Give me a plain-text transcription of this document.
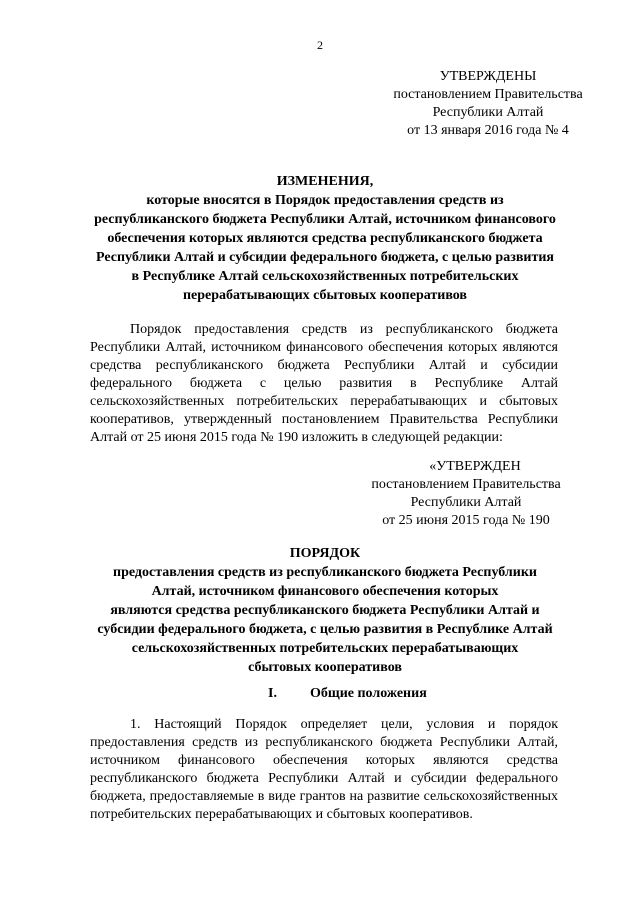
2
УТВЕРЖДЕНЫ
постановлением Правительства
Республики Алтай
от 13 января 2016 года № 4
ИЗМЕНЕНИЯ,
которые вносятся в Порядок предоставления средств из
республиканского бюджета Республики Алтай, источником финансового
обеспечения которых являются средства республиканского бюджета
Республики Алтай и субсидии федерального бюджета, с целью развития
в Республике Алтай сельскохозяйственных потребительских
перерабатывающих сбытовых кооперативов
Порядок предоставления средств из республиканского бюджета
Республики Алтай, источником финансового обеспечения которых являются
средства республиканского бюджета Республики Алтай и субсидии
федерального бюджета с целью развития в Республике Алтай
сельскохозяйственных потребительских перерабатывающих и сбытовых
кооперативов, утвержденный постановлением Правительства Республики
Алтай от 25 июня 2015 года № 190 изложить в следующей редакции:
«УТВЕРЖДЕН
постановлением Правительства
Республики Алтай
от 25 июня 2015 года № 190
ПОРЯДОК
предоставления средств из республиканского бюджета Республики
Алтай, источником финансового обеспечения которых
являются средства республиканского бюджета Республики Алтай и
субсидии федерального бюджета, с целью развития в Республике Алтай
сельскохозяйственных потребительских перерабатывающих
сбытовых кооперативов
I. Общие положения
1. Настоящий Порядок определяет цели, условия и порядок
предоставления средств из республиканского бюджета Республики Алтай,
источником финансового обеспечения которых являются средства
республиканского бюджета Республики Алтай и субсидии федерального
бюджета, предоставляемые в виде грантов на развитие сельскохозяйственных
потребительских перерабатывающих и сбытовых кооперативов.
